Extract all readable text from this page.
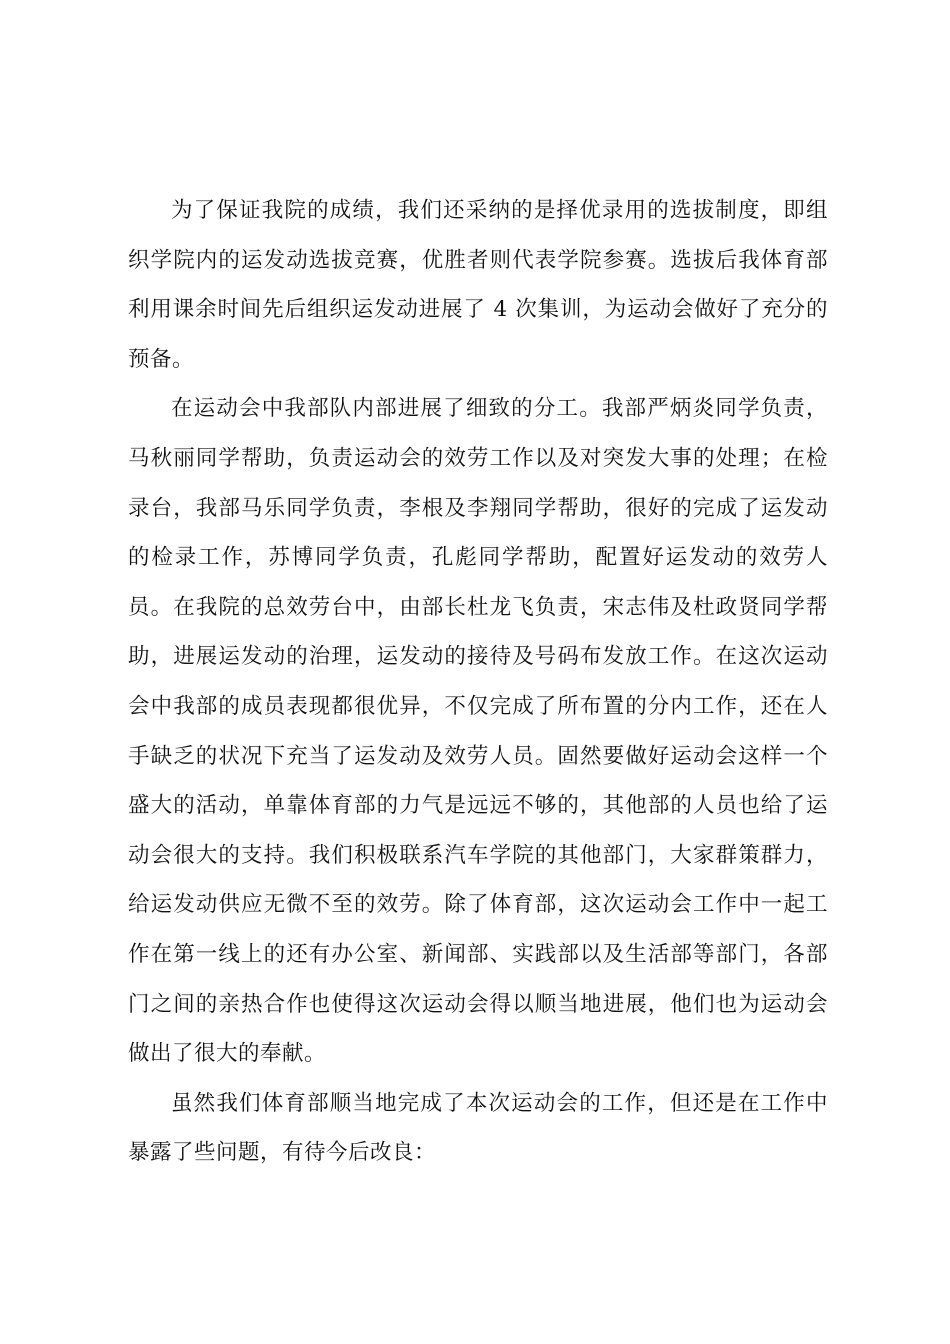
为了保证我院的成绩，我们还采纳的是择优录用的选拔制度，即组织学院内的运发动选拔竞赛，优胜者则代表学院参赛。选拔后我体育部利用课余时间先后组织运发动进展了 4 次集训，为运动会做好了充分的预备。

在运动会中我部队内部进展了细致的分工。我部严炳炎同学负责，马秋丽同学帮助，负责运动会的效劳工作以及对突发大事的处理；在检录台，我部马乐同学负责，李根及李翔同学帮助，很好的完成了运发动的检录工作，苏博同学负责，孔彪同学帮助，配置好运发动的效劳人员。在我院的总效劳台中，由部长杜龙飞负责，宋志伟及杜政贤同学帮助，进展运发动的治理，运发动的接待及号码布发放工作。在这次运动会中我部的成员表现都很优异，不仅完成了所布置的分内工作，还在人手缺乏的状况下充当了运发动及效劳人员。固然要做好运动会这样一个盛大的活动，单靠体育部的力气是远远不够的，其他部的人员也给了运动会很大的支持。我们积极联系汽车学院的其他部门，大家群策群力，给运发动供应无微不至的效劳。除了体育部，这次运动会工作中一起工作在第一线上的还有办公室、新闻部、实践部以及生活部等部门，各部门之间的亲热合作也使得这次运动会得以顺当地进展，他们也为运动会做出了很大的奉献。

虽然我们体育部顺当地完成了本次运动会的工作，但还是在工作中暴露了些问题，有待今后改良：
